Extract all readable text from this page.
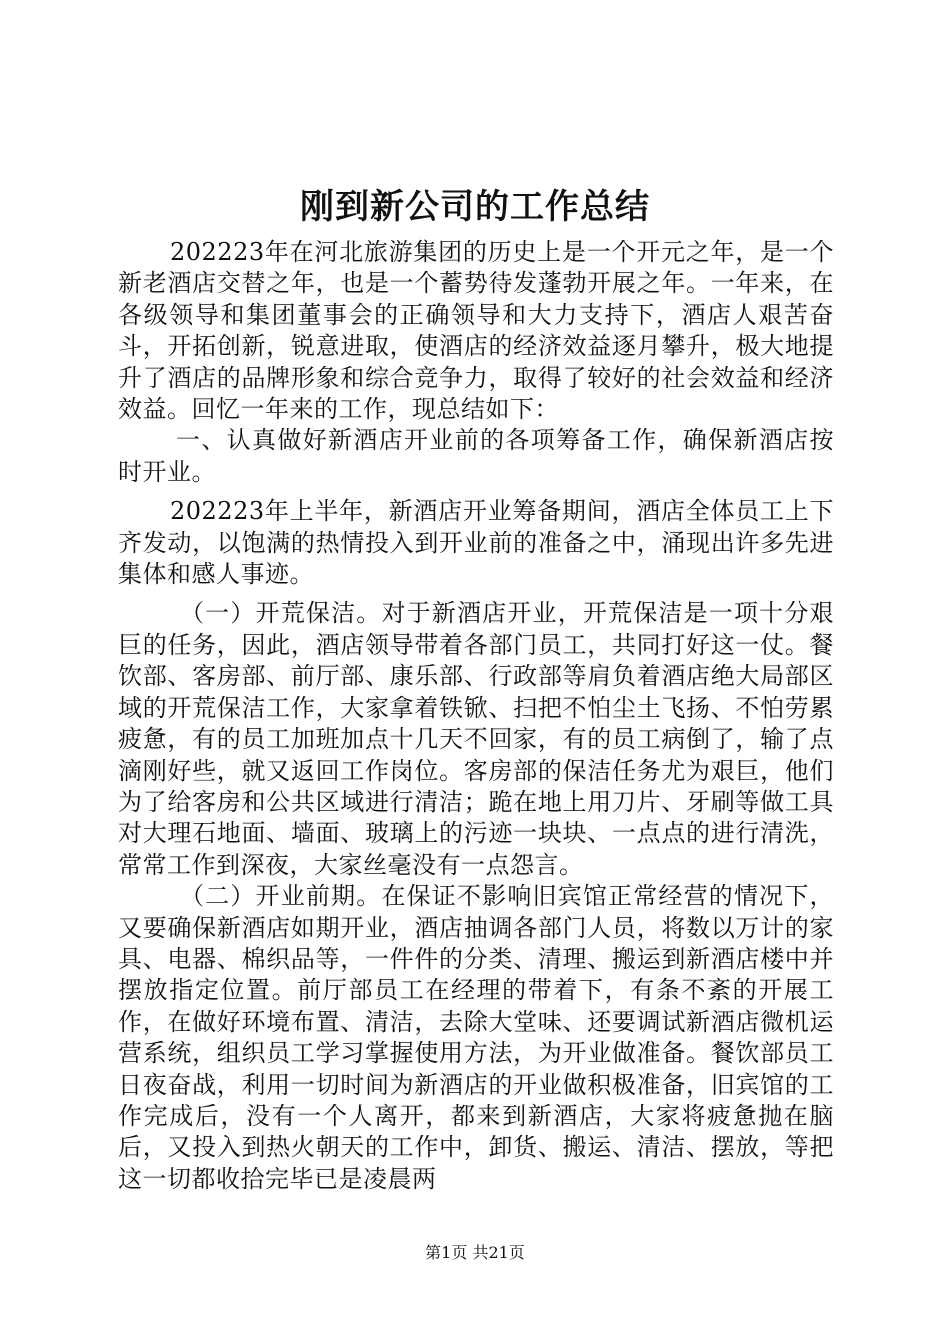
刚到新公司的工作总结

202223年在河北旅游集团的历史上是一个开元之年，是一个新老酒店交替之年，也是一个蓄势待发蓬勃开展之年。一年来，在各级领导和集团董事会的正确领导和大力支持下，酒店人艰苦奋斗，开拓创新，锐意进取，使酒店的经济效益逐月攀升，极大地提升了酒店的品牌形象和综合竞争力，取得了较好的社会效益和经济效益。回忆一年来的工作，现总结如下：

一、认真做好新酒店开业前的各项筹备工作，确保新酒店按时开业。

202223年上半年，新酒店开业筹备期间，酒店全体员工上下齐发动，以饱满的热情投入到开业前的准备之中，涌现出许多先进集体和感人事迹。

（一）开荒保洁。对于新酒店开业，开荒保洁是一项十分艰巨的任务，因此，酒店领导带着各部门员工，共同打好这一仗。餐饮部、客房部、前厅部、康乐部、行政部等肩负着酒店绝大局部区域的开荒保洁工作，大家拿着铁锨、扫把不怕尘土飞扬、不怕劳累疲惫，有的员工加班加点十几天不回家，有的员工病倒了，输了点滴刚好些，就又返回工作岗位。客房部的保洁任务尤为艰巨，他们为了给客房和公共区域进行清洁；跪在地上用刀片、牙刷等做工具对大理石地面、墙面、玻璃上的污迹一块块、一点点的进行清洗，常常工作到深夜，大家丝毫没有一点怨言。

（二）开业前期。在保证不影响旧宾馆正常经营的情况下，又要确保新酒店如期开业，酒店抽调各部门人员，将数以万计的家具、电器、棉织品等，一件件的分类、清理、搬运到新酒店楼中并摆放指定位置。前厅部员工在经理的带着下，有条不紊的开展工作，在做好环境布置、清洁，去除大堂味、还要调试新酒店微机运营系统，组织员工学习掌握使用方法，为开业做准备。餐饮部员工日夜奋战，利用一切时间为新酒店的开业做积极准备，旧宾馆的工作完成后，没有一个人离开，都来到新酒店，大家将疲惫抛在脑后，又投入到热火朝天的工作中，卸货、搬运、清洁、摆放，等把这一切都收拾完毕已是凌晨两

第1页 共21页
